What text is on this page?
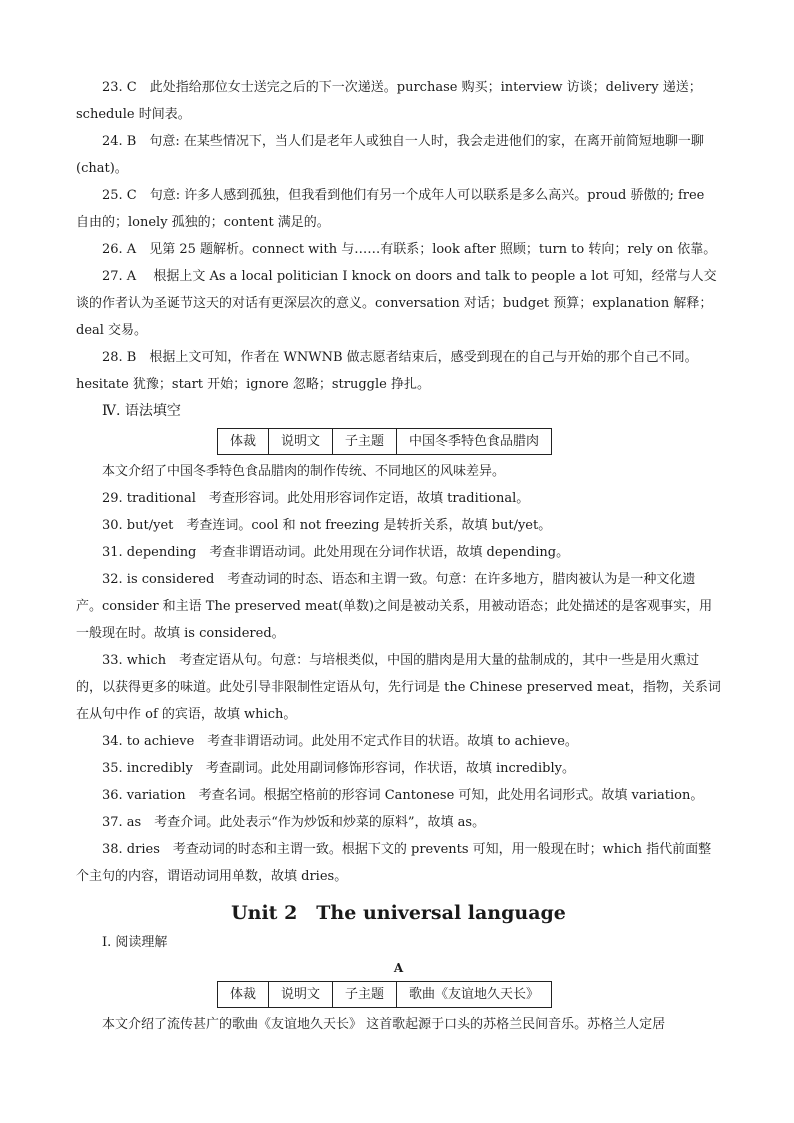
23. C　此处指给那位女士送完之后的下一次递送。purchase 购买；interview 访谈；delivery 递送；schedule 时间表。

24. B　句意: 在某些情况下，当人们是老年人或独自一人时，我会走进他们的家，在离开前简短地聊一聊(chat)。

25. C　句意: 许多人感到孤独，但我看到他们有另一个成年人可以联系是多么高兴。proud 骄傲的; free 自由的；lonely 孤独的；content 满足的。

26. A　见第 25 题解析。connect with 与……有联系；look after 照顾；turn to 转向；rely on 依靠。

27. A　 根据上文 As a local politician I knock on doors and talk to people a lot 可知，经常与人交谈的作者认为圣诞节这天的对话有更深层次的意义。conversation 对话；budget 预算；explanation 解释；deal 交易。

28. B　根据上文可知，作者在 WNWNB 做志愿者结束后，感受到现在的自己与开始的那个自己不同。hesitate 犹豫；start 开始；ignore 忽略；struggle 挣扎。

Ⅳ. 语法填空

体裁	说明文	子主题	中国冬季特色食品腊肉

本文介绍了中国冬季特色食品腊肉的制作传统、不同地区的风味差异。

29. traditional　考查形容词。此处用形容词作定语，故填 traditional。

30. but/yet　考查连词。cool 和 not freezing 是转折关系，故填 but/yet。

31. depending　考查非谓语动词。此处用现在分词作状语，故填 depending。

32. is considered　考查动词的时态、语态和主谓一致。句意：在许多地方，腊肉被认为是一种文化遗产。consider 和主语 The preserved meat(单数)之间是被动关系，用被动语态；此处描述的是客观事实，用一般现在时。故填 is considered。

33. which　考查定语从句。句意：与培根类似，中国的腊肉是用大量的盐制成的，其中一些是用火熏过的，以获得更多的味道。此处引导非限制性定语从句，先行词是 the Chinese preserved meat，指物，关系词在从句中作 of 的宾语，故填 which。

34. to achieve　考查非谓语动词。此处用不定式作目的状语。故填 to achieve。

35. incredibly　考查副词。此处用副词修饰形容词，作状语，故填 incredibly。

36. variation　考查名词。根据空格前的形容词 Cantonese 可知，此处用名词形式。故填 variation。

37. as　考查介词。此处表示“作为炒饭和炒菜的原料”，故填 as。

38. dries　考查动词的时态和主谓一致。根据下文的 prevents 可知，用一般现在时；which 指代前面整个主句的内容，谓语动词用单数，故填 dries。

Unit 2　The universal language

Ⅰ. 阅读理解

A
体裁	说明文	子主题	歌曲《友谊地久天长》

本文介绍了流传甚广的歌曲《友谊地久天长》 这首歌起源于口头的苏格兰民间音乐。苏格兰人定居
